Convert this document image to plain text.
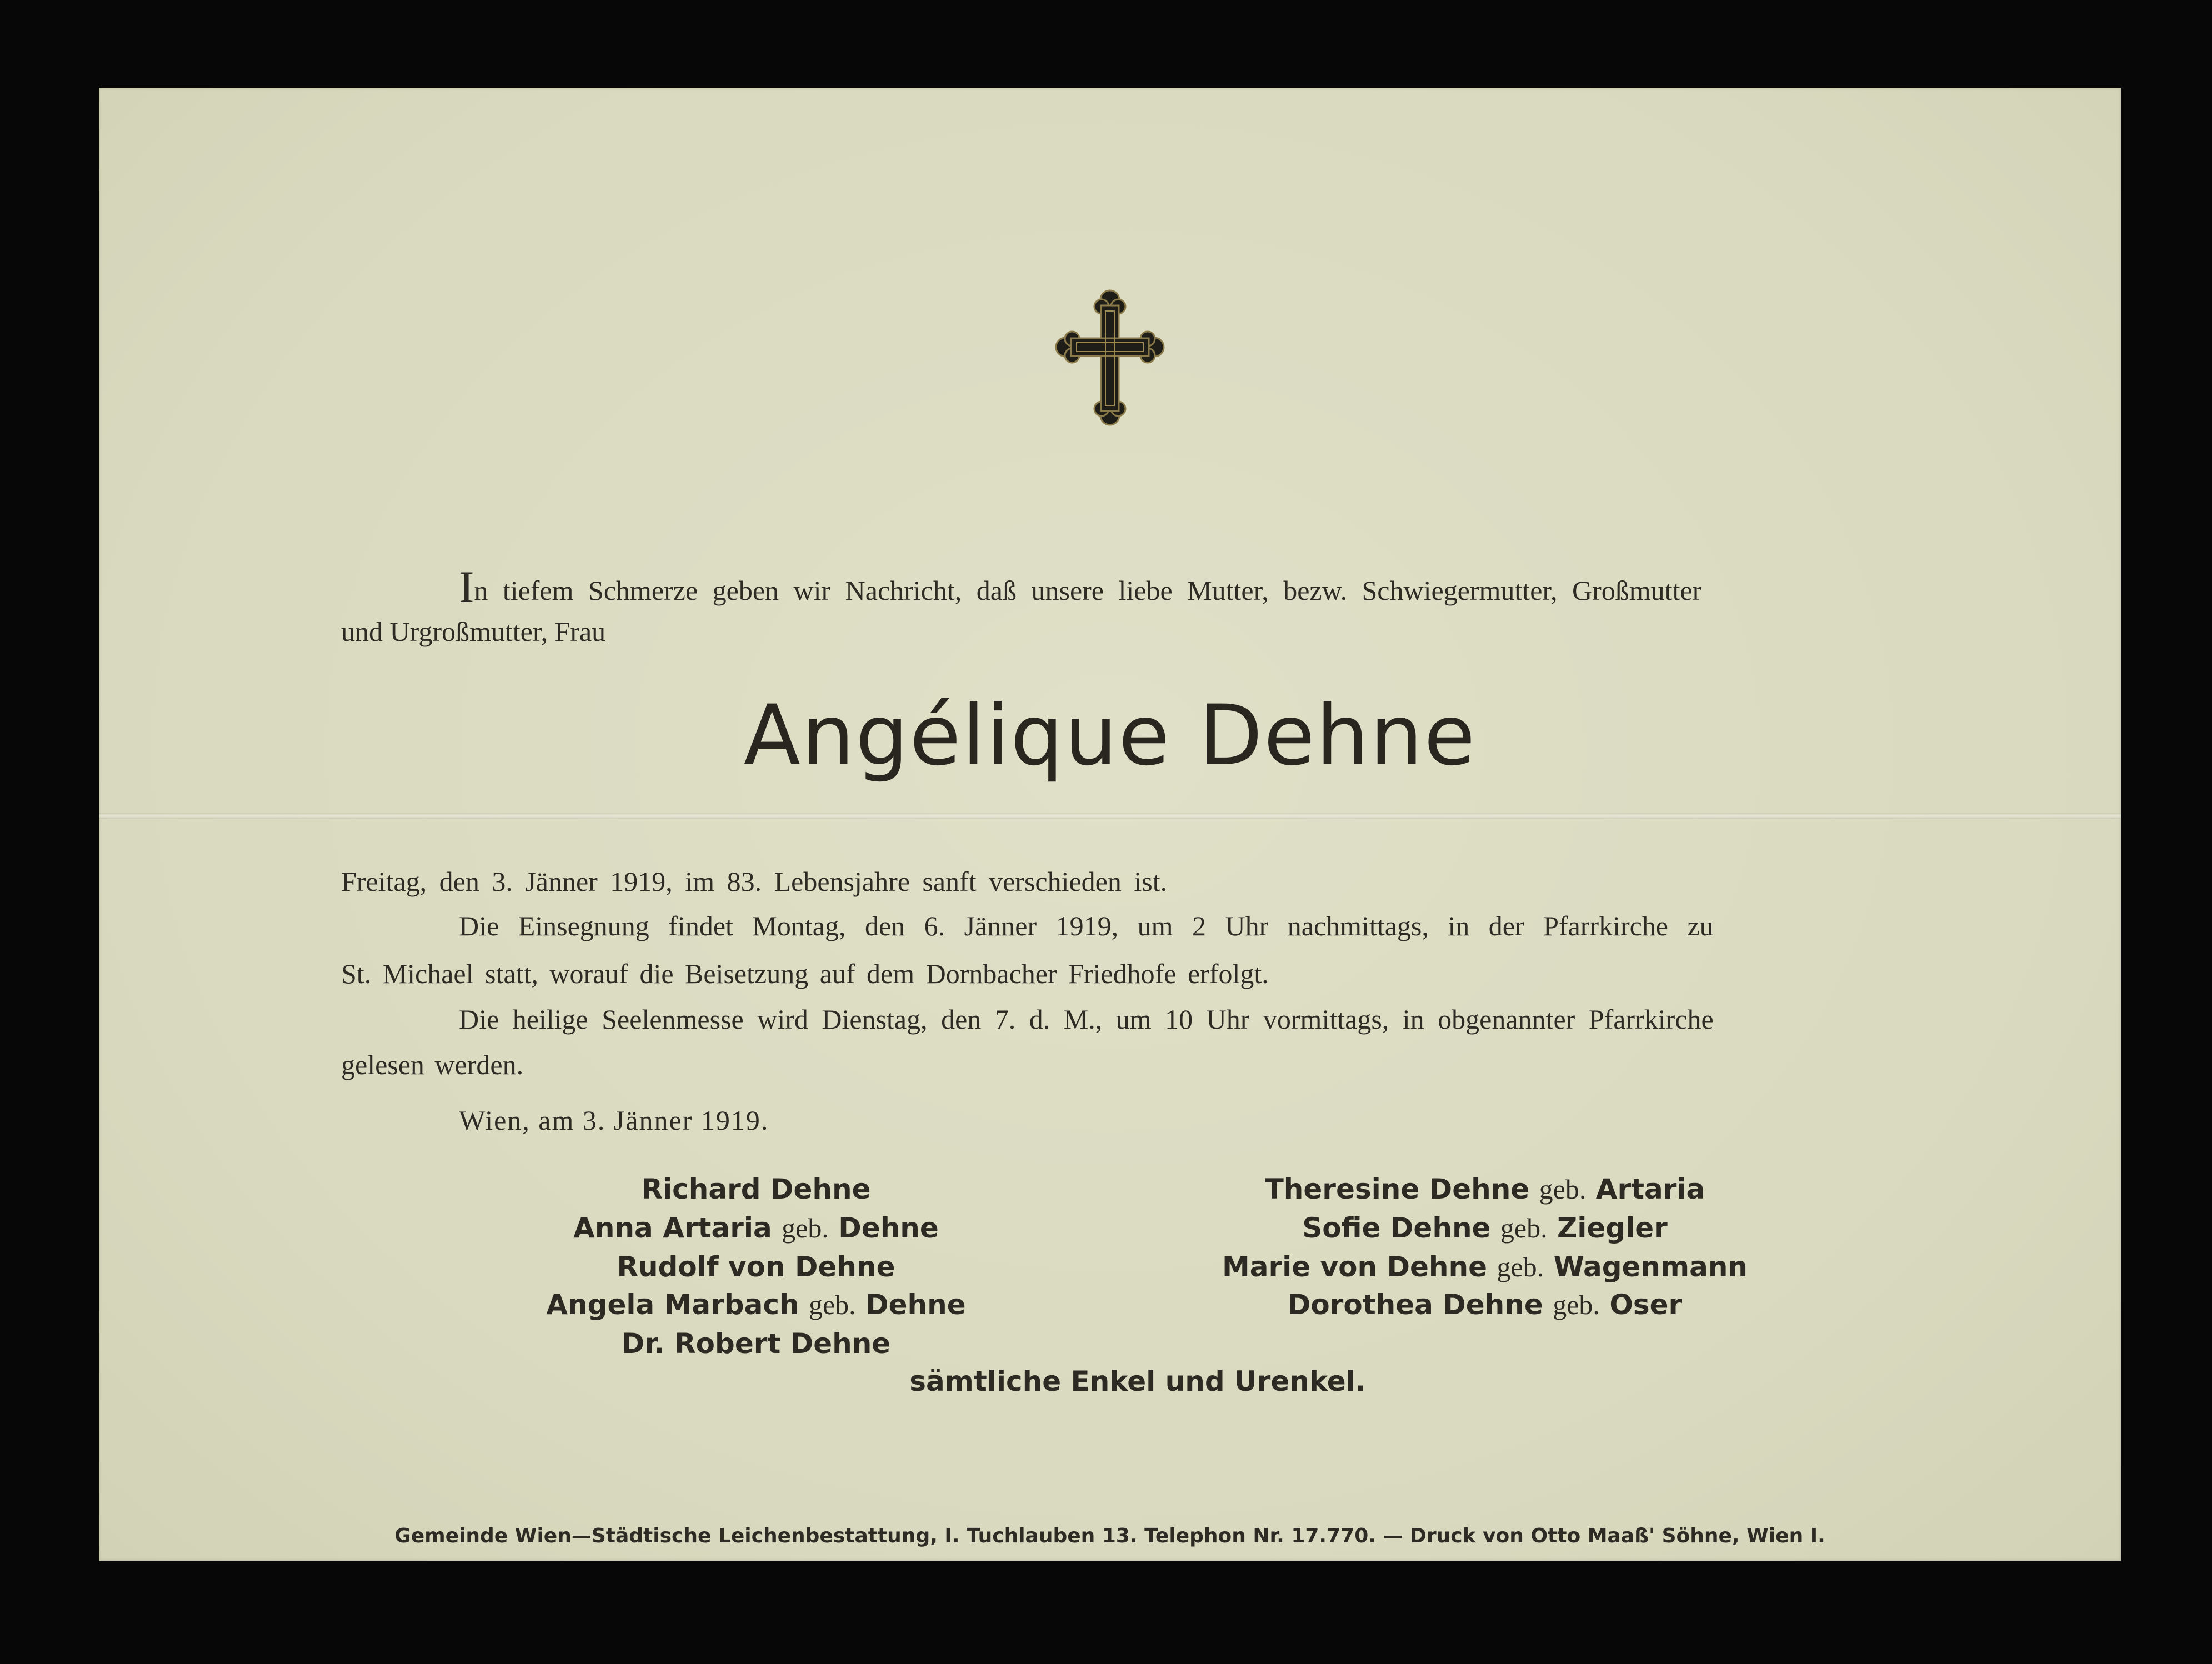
In tiefem Schmerze geben wir Nachricht, daß unsere liebe Mutter, bezw. Schwiegermutter, Großmutter
und Urgroßmutter, Frau
Angélique Dehne
Freitag, den 3. Jänner 1919, im 83. Lebensjahre sanft verschieden ist.
Die Einsegnung findet Montag, den 6. Jänner 1919, um 2 Uhr nachmittags, in der Pfarrkirche zu
St. Michael statt, worauf die Beisetzung auf dem Dornbacher Friedhofe erfolgt.
Die heilige Seelenmesse wird Dienstag, den 7. d. M., um 10 Uhr vormittags, in obgenannter Pfarrkirche
gelesen werden.
Wien, am 3. Jänner 1919.
Richard Dehne
Anna Artaria geb. Dehne
Rudolf von Dehne
Angela Marbach geb. Dehne
Dr. Robert Dehne
Theresine Dehne geb. Artaria
Sofie Dehne geb. Ziegler
Marie von Dehne geb. Wagenmann
Dorothea Dehne geb. Oser
sämtliche Enkel und Urenkel.
Gemeinde Wien—Städtische Leichenbestattung, I. Tuchlauben 13. Telephon Nr. 17.770. — Druck von Otto Maaß' Söhne, Wien I.
